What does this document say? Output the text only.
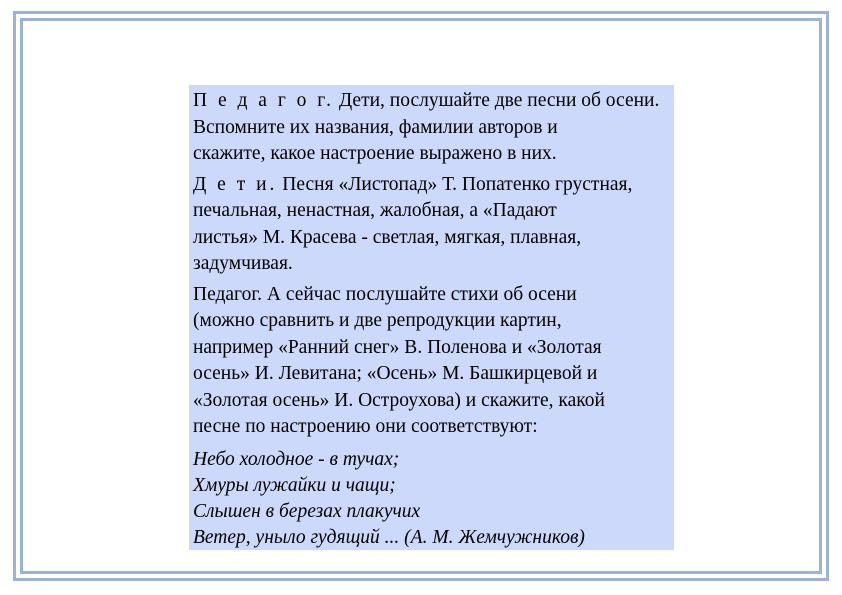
П е д а г о г. Дети, послушайте две песни об осени.
Вспомните их названия, фамилии авторов и
скажите, какое настроение выражено в них.
Д е т и. Песня «Листопад» Т. Попатенко грустная,
печальная, ненастная, жалобная, а «Падают
листья» М. Красева - светлая, мягкая, плавная,
задумчивая.
Педагог. А сейчас послушайте стихи об осени
(можно сравнить и две репродукции картин,
например «Ранний снег» В. Поленова и «Золотая
осень» И. Левитана; «Осень» М. Башкирцевой и
«Золотая осень» И. Остроухова) и скажите, какой
песне по настроению они соответствуют:
Небо холодное - в тучах;
Хмуры лужайки и чащи;
Слышен в березах плакучих
Ветер, уныло гудящий ... (А. М. Жемчужников)
